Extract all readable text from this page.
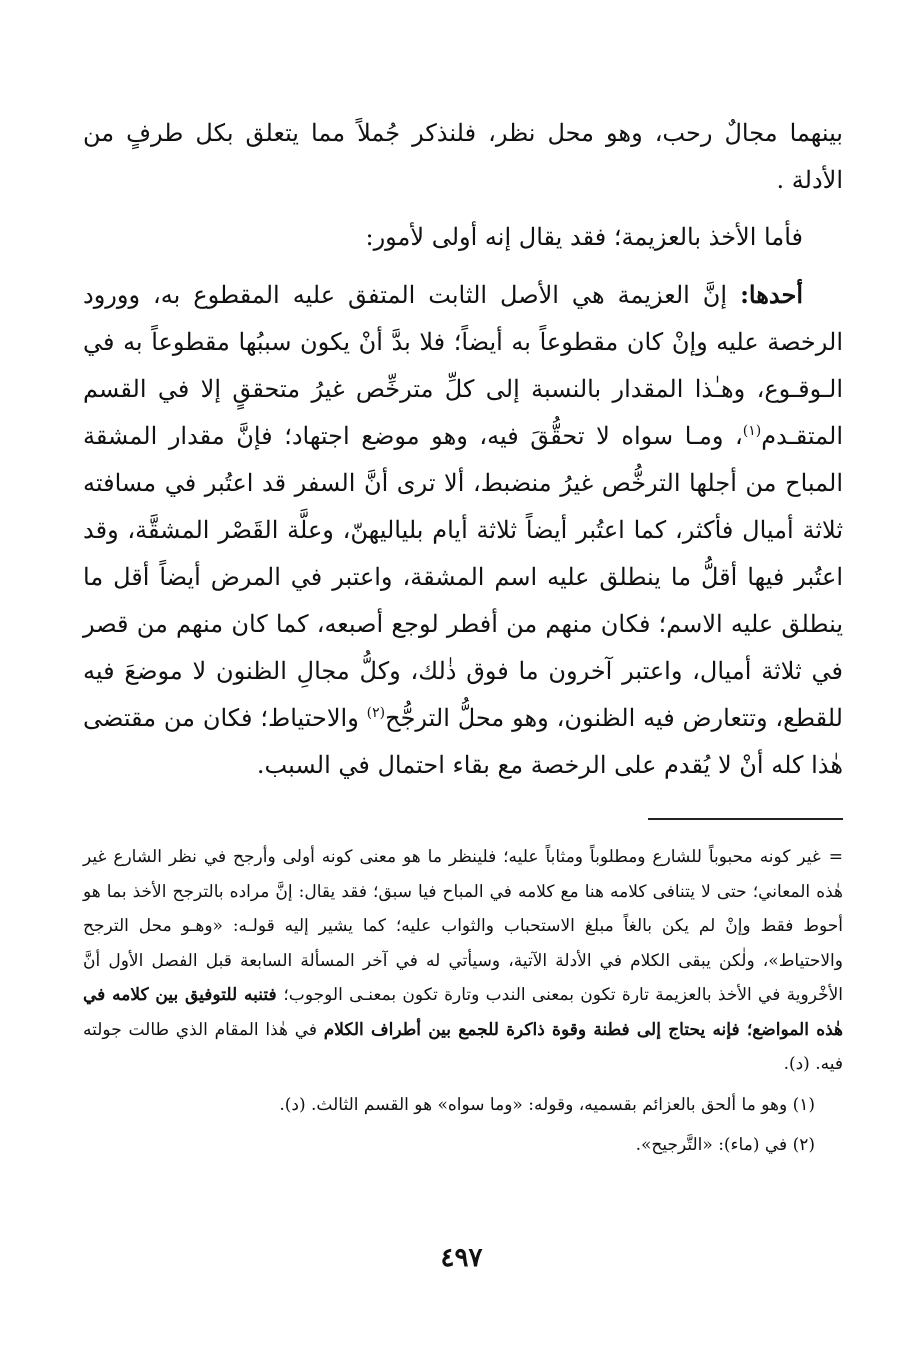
بينهما مجالٌ رحب، وهو محل نظر، فلنذكر جُملاً مما يتعلق بكل طرفٍ من الأدلة .

فأما الأخذ بالعزيمة؛ فقد يقال إنه أولى لأمور:

أحدها: إنَّ العزيمة هي الأصل الثابت المتفق عليه المقطوع به، وورود الرخصة عليه وإنْ كان مقطوعاً به أيضاً؛ فلا بدَّ أنْ يكون سببُها مقطوعاً به في الـوقـوع، وهـٰذا المقدار بالنسبة إلى كلِّ مترخِّص غيرُ متحققٍ إلا في القسم المتقـدم$^{(١)}$، ومـا سواه لا تحقُّقَ فيه، وهو موضع اجتهاد؛ فإنَّ مقدار المشقة المباح من أجلها الترخُّص غيرُ منضبط، ألا ترى أنَّ السفر قد اعتُبر في مسافته ثلاثة أميال فأكثر، كما اعتُبر أيضاً ثلاثة أيام بلياليهنّ، وعلَّة القَصْر المشقَّة، وقد اعتُبر فيها أقلُّ ما ينطلق عليه اسم المشقة، واعتبر في المرض أيضاً أقل ما ينطلق عليه الاسم؛ فكان منهم من أفطر لوجع أصبعه، كما كان منهم من قصر في ثلاثة أميال، واعتبر آخرون ما فوق ذٰلك، وكلُّ مجالِ الظنون لا موضعَ فيه للقطع، وتتعارض فيه الظنون، وهو محلُّ الترجُّح$^{(٢)}$ والاحتياط؛ فكان من مقتضى هٰذا كله أنْ لا يُقدم على الرخصة مع بقاء احتمال في السبب.

=غير كونه محبوباً للشارع ومطلوباً ومثاباً عليه؛ فلينظر ما هو معنى كونه أولى وأرجح في نظر الشارع غير هٰذه المعاني؛ حتى لا يتنافى كلامه هنا مع كلامه في المباح فيا سبق؛ فقد يقال: إنَّ مراده بالترجح الأخذ بما هو أحوط فقط وإنْ لم يكن بالغاً مبلغ الاستحباب والثواب عليه؛ كما يشير إليه قولـه: «وهـو محل الترجح والاحتياط»، ولٰكن يبقى الكلام في الأدلة الآتية، وسيأتي له في آخر المسألة السابعة قبل الفصل الأول أنَّ الأخْروية في الأخذ بالعزيمة تارة تكون بمعنى الندب وتارة تكون بمعنـى الوجوب؛ فتنبه للتوفيق بين كلامه في هٰذه المواضع؛ فإنه يحتاج إلى فطنة وقوة ذاكرة للجمع بين أطراف الكلام في هٰذا المقام الذي طالت جولته فيه. (د).

(١) وهو ما ألحق بالعزائم بقسميه، وقوله: «وما سواه» هو القسم الثالث. (د).

(٢) في (ماء): «التَّرجيح».

٤٩٧
